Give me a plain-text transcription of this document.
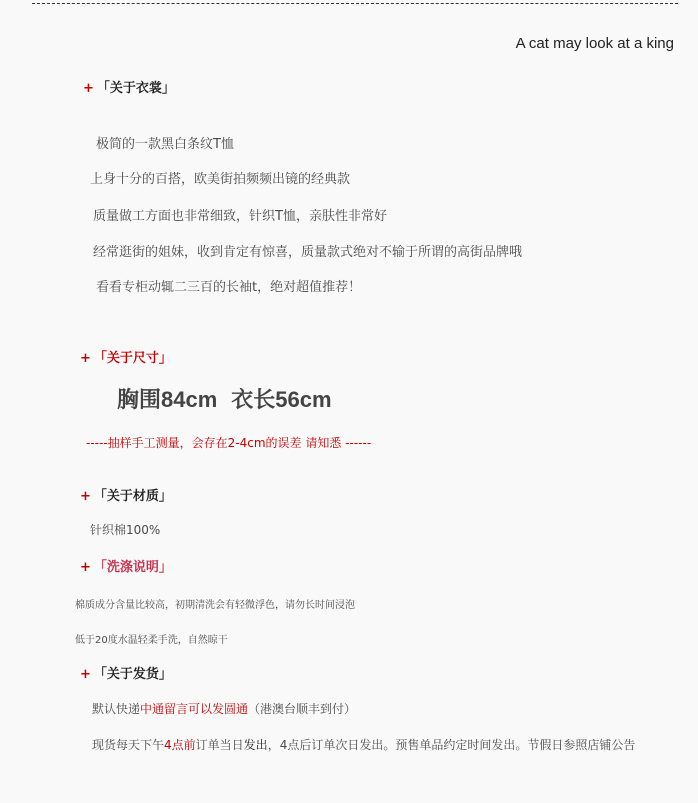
A cat may look at a king
+ 「关于衣裳」
极简的一款黑白条纹T恤
上身十分的百搭，欧美街拍频频出镜的经典款
质量做工方面也非常细致，针织T恤，亲肤性非常好
经常逛街的姐妹，收到肯定有惊喜，质量款式绝对不输于所谓的高街品牌哦
看看专柜动辄二三百的长袖t，绝对超值推荐！
+ 「关于尺寸」
胸围84cm 衣长56cm
-----抽样手工测量，会存在2-4cm的误差 请知悉 ------
+ 「关于材质」
针织棉100%
+ 「洗涤说明」
棉质成分含量比较高，初期清洗会有轻微浮色，请勿长时间浸泡
低于20度水温轻柔手洗，自然晾干
+ 「关于发货」
默认快递中通留言可以发圆通（港澳台顺丰到付）
现货每天下午4点前订单当日发出，4点后订单次日发出。预售单品约定时间发出。节假日参照店铺公告
